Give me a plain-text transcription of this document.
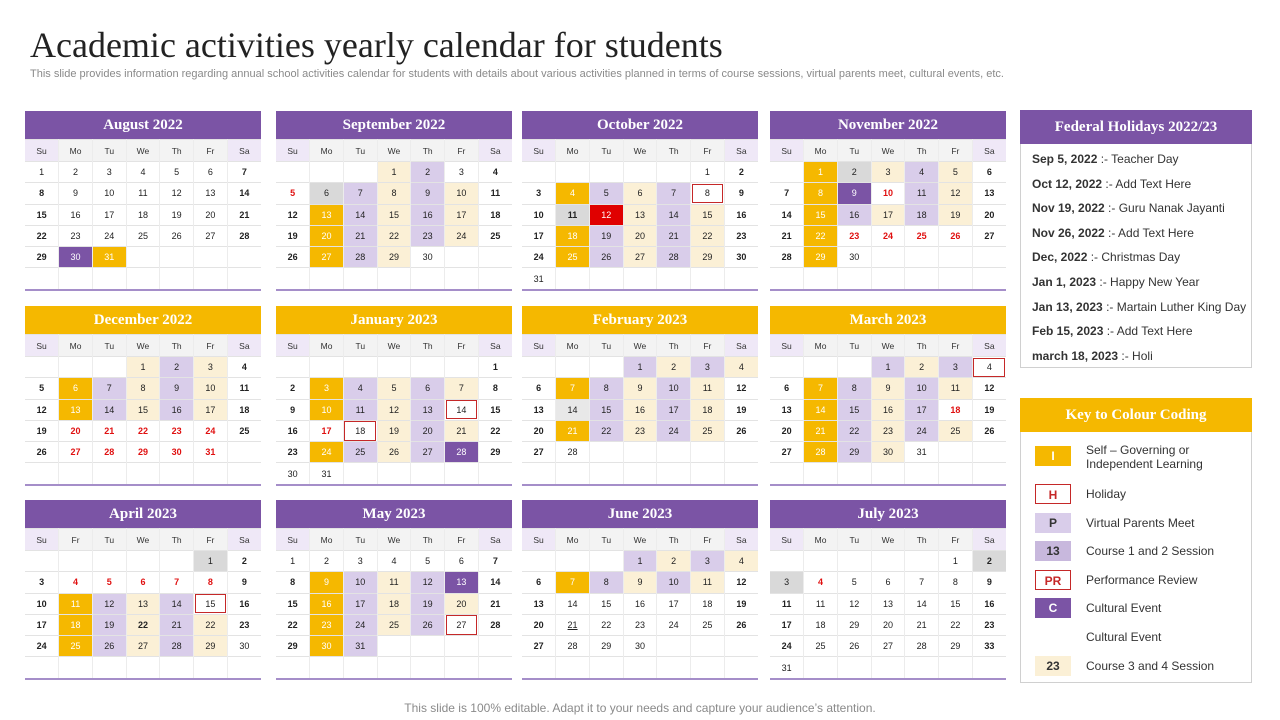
Academic activities yearly calendar for students

This slide provides information regarding annual school activities calendar for students with details about various activities planned in terms of course sessions, virtual parents meet, cultural events, etc.

August 2022
Su	Mo	Tu	We	Th	Fr	Sa
1	2	3	4	5	6	7
8	9	10	11	12	13	14
15	16	17	18	19	20	21
22	23	24	25	26	27	28
29	30	31				

September 2022
Su	Mo	Tu	We	Th	Fr	Sa
			1	2	3	4
5	6	7	8	9	10	11
12	13	14	15	16	17	18
19	20	21	22	23	24	25
26	27	28	29	30		

October 2022
Su	Mo	Tu	We	Th	Fr	Sa
					1	2
3	4	5	6	7	8	9
10	11	12	13	14	15	16
17	18	19	20	21	22	23
24	25	26	27	28	29	30
31						
November 2022
Su	Mo	Tu	We	Th	Fr	Sa
	1	2	3	4	5	6
7	8	9	10	11	12	13
14	15	16	17	18	19	20
21	22	23	24	25	26	27
28	29	30				

December 2022
Su	Mo	Tu	We	Th	Fr	Sa
			1	2	3	4
5	6	7	8	9	10	11
12	13	14	15	16	17	18
19	20	21	22	23	24	25
26	27	28	29	30	31	

January 2023
Su	Mo	Tu	We	Th	Fr	Sa
						1
2	3	4	5	6	7	8
9	10	11	12	13	14	15
16	17	18	19	20	21	22
23	24	25	26	27	28	29
30	31					
February 2023
Su	Mo	Tu	We	Th	Fr	Sa
			1	2	3	4
6	7	8	9	10	11	12
13	14	15	16	17	18	19
20	21	22	23	24	25	26
27	28					

March 2023
Su	Mo	Tu	We	Th	Fr	Sa
			1	2	3	4
6	7	8	9	10	11	12
13	14	15	16	17	18	19
20	21	22	23	24	25	26
27	28	29	30	31		

April 2023
Su	Fr	Tu	We	Th	Fr	Sa
					1	2
3	4	5	6	7	8	9
10	11	12	13	14	15	16
17	18	19	22	21	22	23
24	25	26	27	28	29	30

May 2023
Su	Mo	Tu	We	Th	Fr	Sa
1	2	3	4	5	6	7
8	9	10	11	12	13	14
15	16	17	18	19	20	21
22	23	24	25	26	27	28
29	30	31				

June 2023
Su	Mo	Tu	We	Th	Fr	Sa
			1	2	3	4
6	7	8	9	10	11	12
13	14	15	16	17	18	19
20	21	22	23	24	25	26
27	28	29	30			

July 2023
Su	Mo	Tu	We	Th	Fr	Sa
					1	2
3	4	5	6	7	8	9
11	11	12	13	14	15	16
17	18	29	20	21	22	23
24	25	26	27	28	29	33
31						
Federal Holidays 2022/23
Sep 5, 2022 :- Teacher Day
Oct 12, 2022 :- Add Text Here
Nov 19, 2022 :- Guru Nanak Jayanti
Nov 26, 2022 :- Add Text Here
Dec, 2022 :- Christmas Day
Jan 1, 2023 :- Happy New Year
Jan 13, 2023 :- Martain Luther King Day
Feb 15, 2023 :- Add Text Here
march 18, 2023 :- Holi
Key to Colour Coding
I	Self – Governing or Independent Learning
H	Holiday
P	Virtual Parents Meet
13	Course 1 and 2 Session
PR	Performance Review
C	Cultural Event
Cultural Event
23	Course 3 and 4 Session
This slide is 100% editable. Adapt it to your needs and capture your audience’s attention.
